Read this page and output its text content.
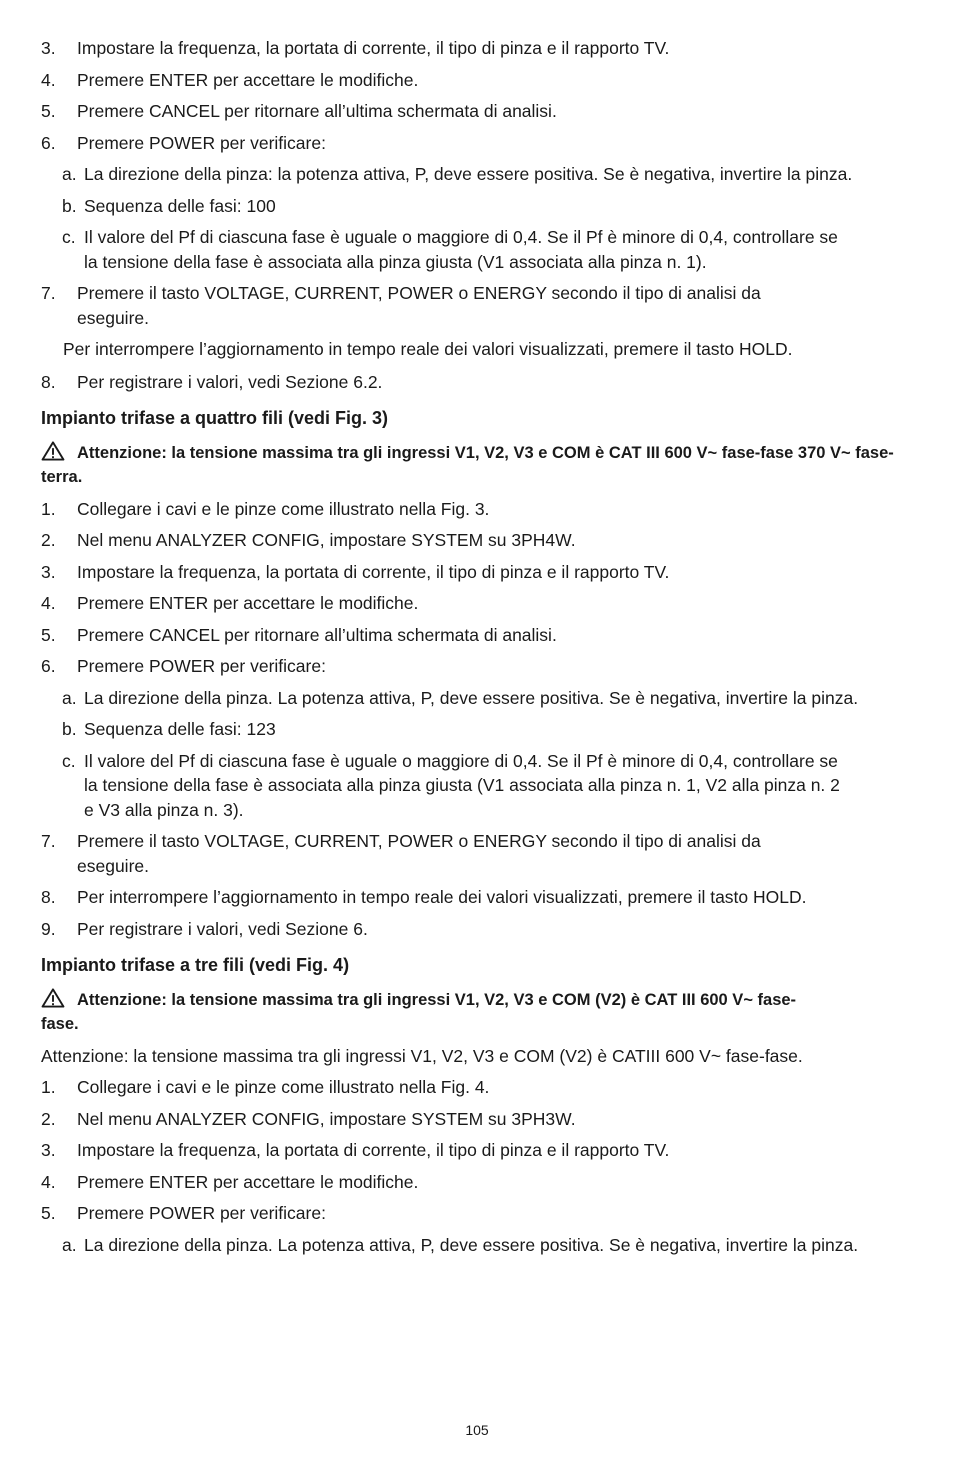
3.	Impostare la frequenza, la portata di corrente, il tipo di pinza e il rapporto TV.
4.	Premere ENTER per accettare le modifiche.
5.	Premere CANCEL per ritornare all’ultima schermata di analisi.
6.	Premere POWER per verificare:
a. La direzione della pinza: la potenza attiva, P, deve essere positiva. Se è negativa, invertire la pinza.
b. Sequenza delle fasi: 100
c. Il valore del Pf di ciascuna fase è uguale o maggiore di 0,4. Se il Pf è minore di 0,4, controllare se la tensione della fase è associata alla pinza giusta (V1 associata alla pinza n. 1).
7.	Premere il tasto VOLTAGE, CURRENT, POWER o ENERGY secondo il tipo di analisi da eseguire.
Per interrompere l’aggiornamento in tempo reale dei valori visualizzati, premere il tasto HOLD.
8.	Per registrare i valori, vedi Sezione 6.2.
Impianto trifase a quattro fili (vedi Fig. 3)
Attenzione: la tensione massima tra gli ingressi V1, V2, V3 e COM è CAT III 600 V~ fase-fase 370 V~ fase-terra.
1.	Collegare i cavi e le pinze come illustrato nella Fig. 3.
2.	Nel menu ANALYZER CONFIG, impostare SYSTEM su 3PH4W.
3.	Impostare la frequenza, la portata di corrente, il tipo di pinza e il rapporto TV.
4.	Premere ENTER per accettare le modifiche.
5.	Premere CANCEL per ritornare all’ultima schermata di analisi.
6.	Premere POWER per verificare:
a. La direzione della pinza. La potenza attiva, P, deve essere positiva. Se è negativa, invertire la pinza.
b. Sequenza delle fasi: 123
c. Il valore del Pf di ciascuna fase è uguale o maggiore di 0,4. Se il Pf è minore di 0,4, controllare se la tensione della fase è associata alla pinza giusta (V1 associata alla pinza n. 1, V2 alla pinza n. 2 e V3 alla pinza n. 3).
7.	Premere il tasto VOLTAGE, CURRENT, POWER o ENERGY secondo il tipo di analisi da eseguire.
8.	Per interrompere l’aggiornamento in tempo reale dei valori visualizzati, premere il tasto HOLD.
9.	Per registrare i valori, vedi Sezione 6.
Impianto trifase a tre fili (vedi Fig. 4)
Attenzione: la tensione massima tra gli ingressi V1, V2, V3 e COM (V2) è CAT III 600 V~ fase-fase.
Attenzione: la tensione massima tra gli ingressi V1, V2, V3 e COM (V2) è CATIII 600 V~ fase-fase.
1.	Collegare i cavi e le pinze come illustrato nella Fig. 4.
2.	Nel menu ANALYZER CONFIG, impostare SYSTEM su 3PH3W.
3.	Impostare la frequenza, la portata di corrente, il tipo di pinza e il rapporto TV.
4.	Premere ENTER per accettare le modifiche.
5.	Premere POWER per verificare:
a. La direzione della pinza. La potenza attiva, P, deve essere positiva. Se è negativa, invertire la pinza.
105
